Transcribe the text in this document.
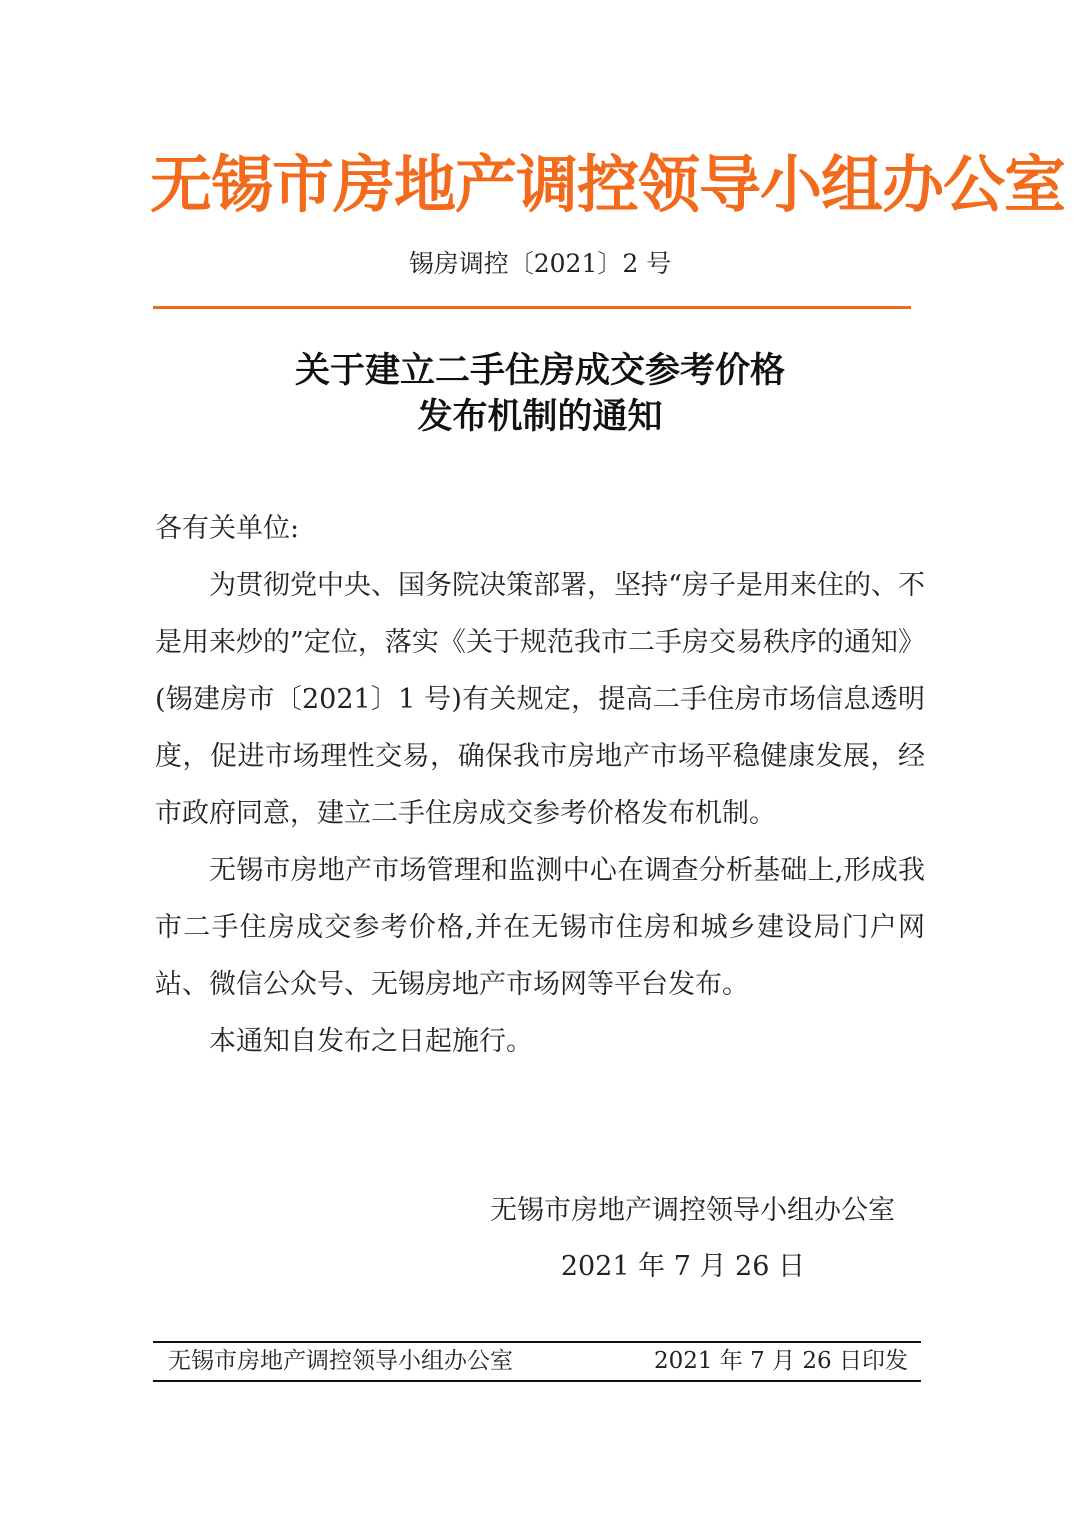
无锡市房地产调控领导小组办公室
锡房调控〔2021〕2 号
关于建立二手住房成交参考价格
发布机制的通知

各有关单位:

为贯彻党中央、国务院决策部署，坚持“房子是用来住的、不是用来炒的”定位，落实《关于规范我市二手房交易秩序的通知》(锡建房市〔2021〕1 号)有关规定，提高二手住房市场信息透明度，促进市场理性交易，确保我市房地产市场平稳健康发展，经市政府同意，建立二手住房成交参考价格发布机制。

无锡市房地产市场管理和监测中心在调查分析基础上,形成我市二手住房成交参考价格,并在无锡市住房和城乡建设局门户网站、微信公众号、无锡房地产市场网等平台发布。

本通知自发布之日起施行。

无锡市房地产调控领导小组办公室
2021 年 7 月 26 日
无锡市房地产调控领导小组办公室	2021 年 7 月 26 日印发
